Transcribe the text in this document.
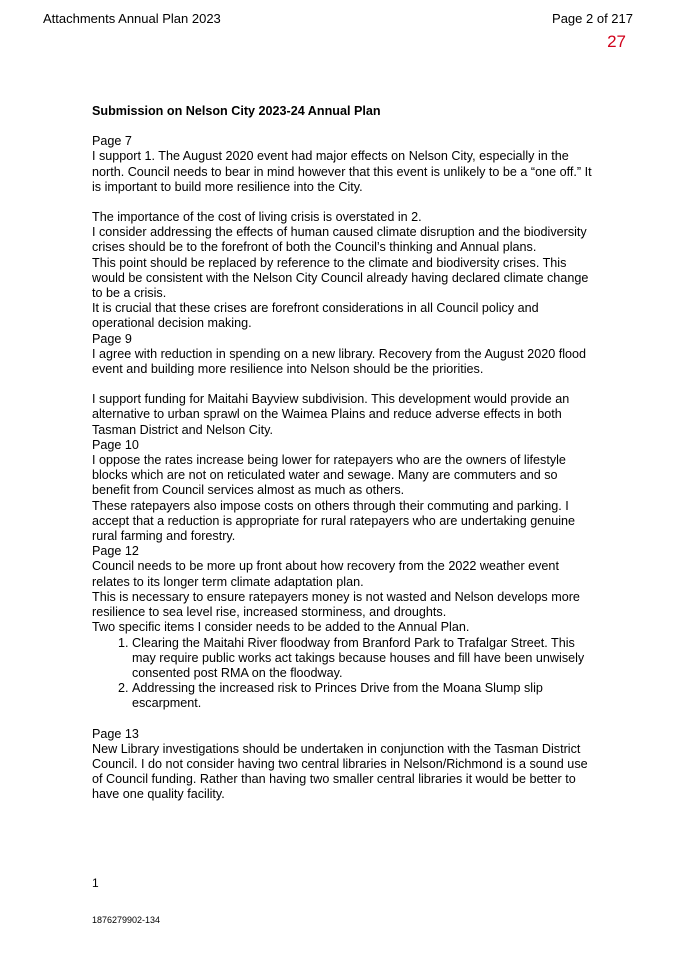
Attachments Annual Plan 2023	Page 2 of 217
27
Submission on Nelson City 2023-24 Annual Plan

Page 7

I support 1. The August 2020 event had major effects on Nelson City, especially in the north. Council needs to bear in mind however that this event is unlikely to be a “one off.” It is important to build more resilience into the City.

The importance of the cost of living crisis is overstated in 2.

I consider addressing the effects of human caused climate disruption and the biodiversity crises should be to the forefront of both the Council’s thinking and Annual plans.

This point should be replaced by reference to the climate and biodiversity crises. This would be consistent with the Nelson City Council already having declared climate change to be a crisis.

It is crucial that these crises are forefront considerations in all Council policy and operational decision making.

Page 9

I agree with reduction in spending on a new library. Recovery from the August 2020 flood event and building more resilience into Nelson should be the priorities.

I support funding for Maitahi Bayview subdivision. This development would provide an alternative to urban sprawl on the Waimea Plains and reduce adverse effects in both Tasman District and Nelson City.

Page 10

I oppose the rates increase being lower for ratepayers who are the owners of lifestyle blocks which are not on reticulated water and sewage. Many are commuters and so benefit from Council services almost as much as others.

These ratepayers also impose costs on others through their commuting and parking. I accept that a reduction is appropriate for rural ratepayers who are undertaking genuine rural farming and forestry.

Page 12

Council needs to be more up front about how recovery from the 2022 weather event relates to its longer term climate adaptation plan.

This is necessary to ensure ratepayers money is not wasted and Nelson develops more resilience to sea level rise, increased storminess, and droughts.

Two specific items I consider needs to be added to the Annual Plan.

1. Clearing the Maitahi River floodway from Branford Park to Trafalgar Street. This may require public works act takings because houses and fill have been unwisely consented post RMA on the floodway.
2. Addressing the increased risk to Princes Drive from the Moana Slump slip escarpment.

Page 13

New Library investigations should be undertaken in conjunction with the Tasman District Council. I do not consider having two central libraries in Nelson/Richmond is a sound use of Council funding. Rather than having two smaller central libraries it would be better to have one quality facility.

1
1876279902-134
